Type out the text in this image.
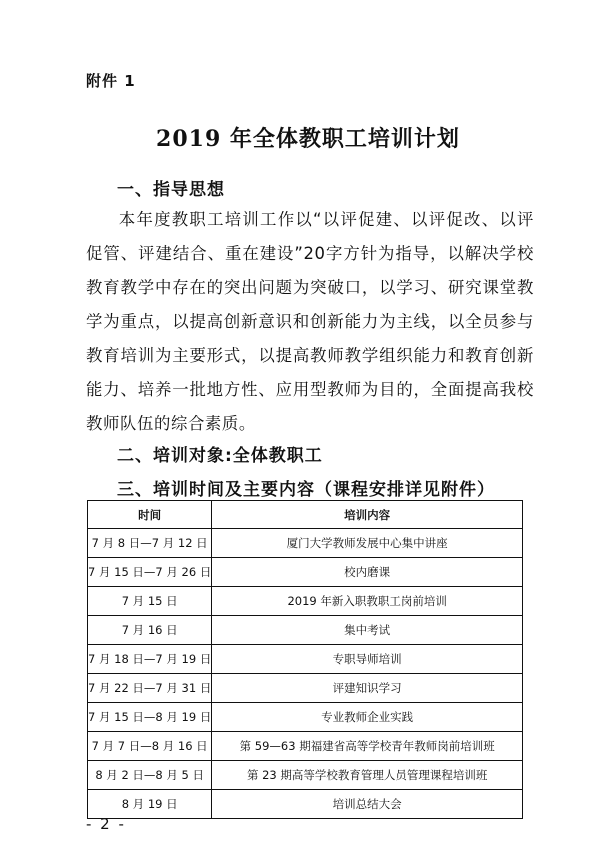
附件 1
2019 年全体教职工培训计划
一、指导思想

本年度教职工培训工作以“以评促建、以评促改、以评促管、评建结合、重在建设”20字方针为指导，以解决学校教育教学中存在的突出问题为突破口，以学习、研究课堂教学为重点，以提高创新意识和创新能力为主线，以全员参与教育培训为主要形式，以提高教师教学组织能力和教育创新能力、培养一批地方性、应用型教师为目的，全面提高我校教师队伍的综合素质。

二、培训对象:全体教职工
三、培训时间及主要内容（课程安排详见附件）
时间	培训内容
7 月 8 日—7 月 12 日	厦门大学教师发展中心集中讲座
7 月 15 日—7 月 26 日	校内磨课
7 月 15 日	2019 年新入职教职工岗前培训
7 月 16 日	集中考试
7 月 18 日—7 月 19 日	专职导师培训
7 月 22 日—7 月 31 日	评建知识学习
7 月 15 日—8 月 19 日	专业教师企业实践
7 月 7 日—8 月 16 日	第 59—63 期福建省高等学校青年教师岗前培训班
8 月 2 日—8 月 5 日	第 23 期高等学校教育管理人员管理课程培训班
8 月 19 日	培训总结大会
- 2 -
